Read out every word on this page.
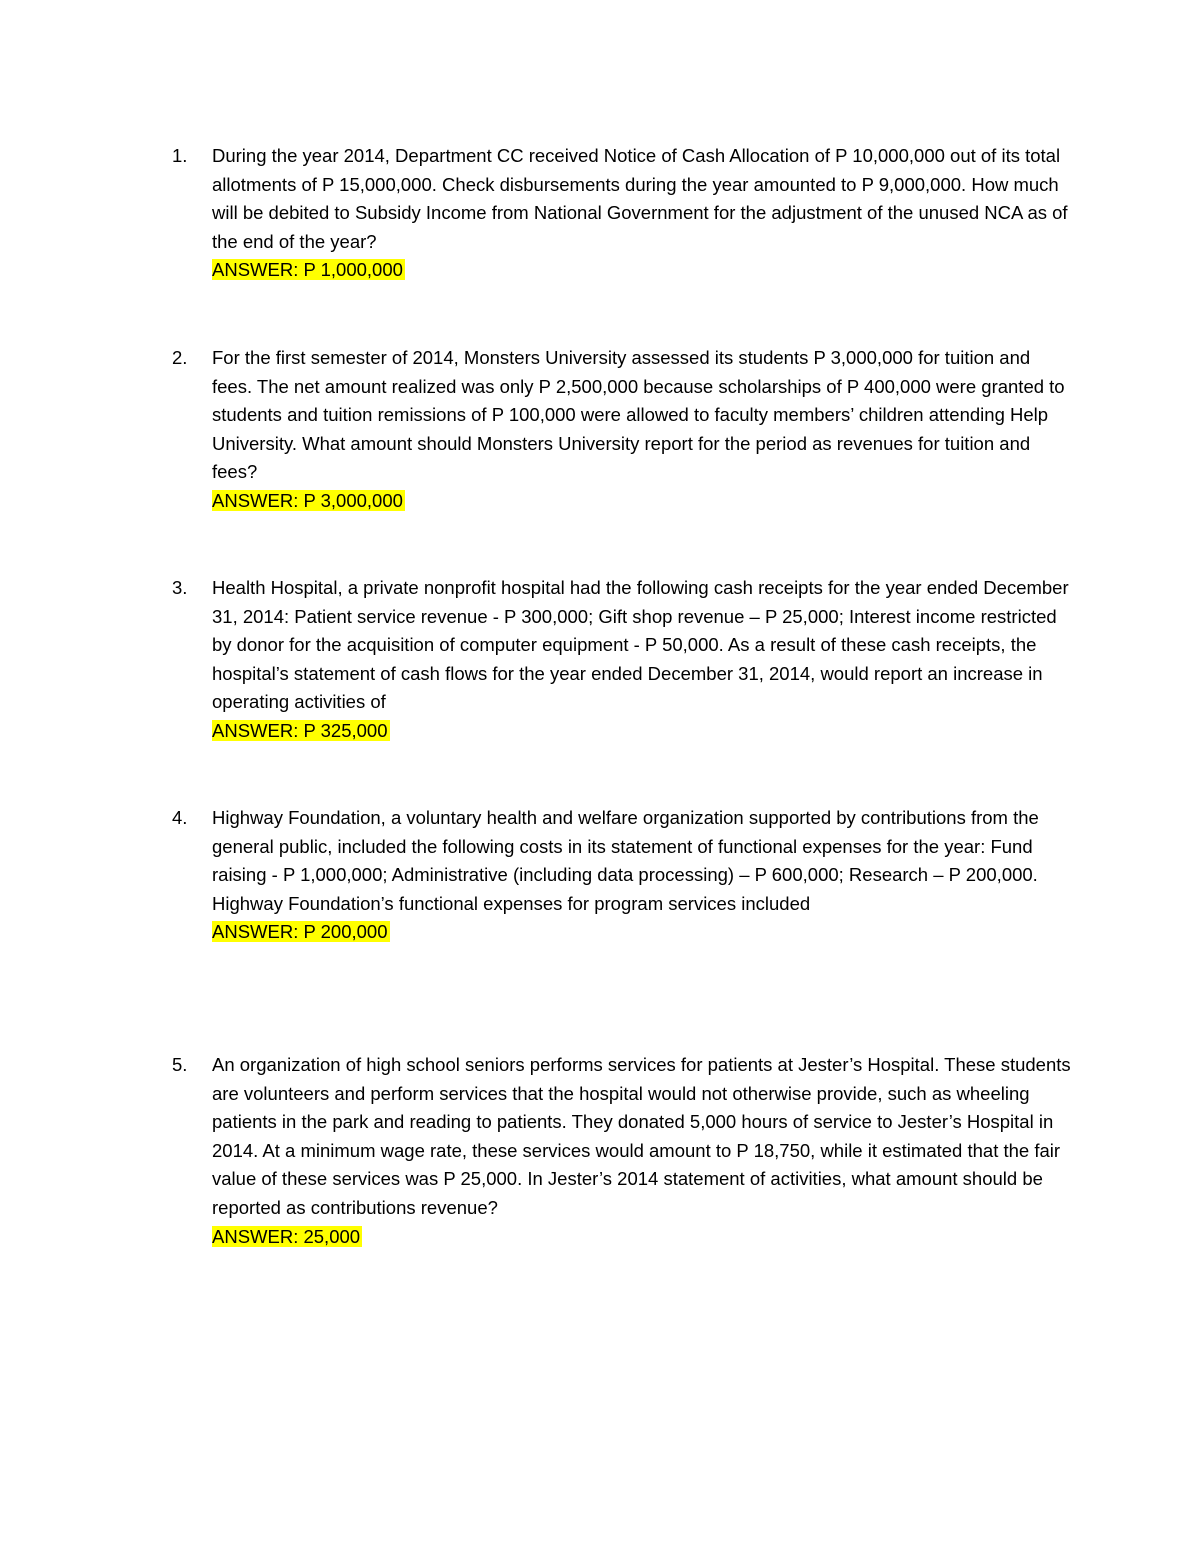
1.	During the year 2014, Department CC received Notice of Cash Allocation of P 10,000,000 out of its total allotments of P 15,000,000. Check disbursements during the year amounted to P 9,000,000. How much will be debited to Subsidy Income from National Government for the adjustment of the unused NCA as of the end of the year?
ANSWER: P 1,000,000
2.	For the first semester of 2014, Monsters University assessed its students P 3,000,000 for tuition and fees. The net amount realized was only P 2,500,000 because scholarships of P 400,000 were granted to students and tuition remissions of P 100,000 were allowed to faculty members’ children attending Help University. What amount should Monsters University report for the period as revenues for tuition and fees?
ANSWER: P 3,000,000
3.	Health Hospital, a private nonprofit hospital had the following cash receipts for the year ended December 31, 2014: Patient service revenue - P 300,000; Gift shop revenue – P 25,000; Interest income restricted by donor for the acquisition of computer equipment - P 50,000. As a result of these cash receipts, the hospital’s statement of cash flows for the year ended December 31, 2014, would report an increase in operating activities of
ANSWER: P 325,000
4.	Highway Foundation, a voluntary health and welfare organization supported by contributions from the general public, included the following costs in its statement of functional expenses for the year: Fund raising - P 1,000,000; Administrative (including data processing) – P 600,000; Research – P 200,000. Highway Foundation’s functional expenses for program services included
ANSWER: P 200,000
5.	An organization of high school seniors performs services for patients at Jester’s Hospital. These students are volunteers and perform services that the hospital would not otherwise provide, such as wheeling patients in the park and reading to patients. They donated 5,000 hours of service to Jester’s Hospital in 2014. At a minimum wage rate, these services would amount to P 18,750, while it estimated that the fair value of these services was P 25,000. In Jester’s 2014 statement of activities, what amount should be reported as contributions revenue?
ANSWER: 25,000
